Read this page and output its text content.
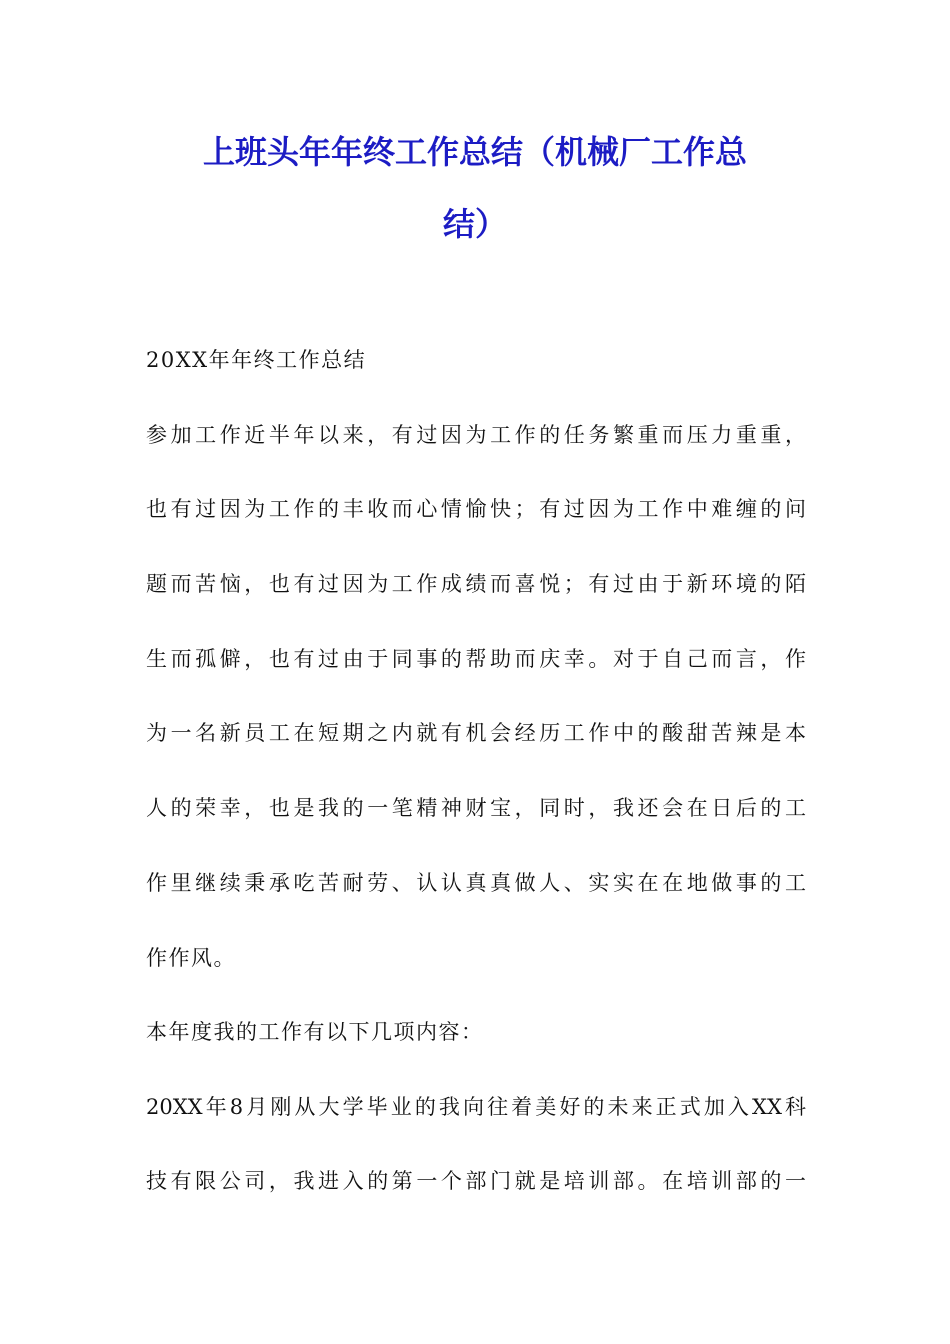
上班头年年终工作总结（机械厂工作总
结）
20XX年年终工作总结
参加工作近半年以来，有过因为工作的任务繁重而压力重重，
也有过因为工作的丰收而心情愉快；有过因为工作中难缠的问
题而苦恼，也有过因为工作成绩而喜悦；有过由于新环境的陌
生而孤僻，也有过由于同事的帮助而庆幸。对于自己而言，作
为一名新员工在短期之内就有机会经历工作中的酸甜苦辣是本
人的荣幸，也是我的一笔精神财宝，同时，我还会在日后的工
作里继续秉承吃苦耐劳、认认真真做人、实实在在地做事的工
作作风。
本年度我的工作有以下几项内容：
20XX年8月刚从大学毕业的我向往着美好的未来正式加入XX科
技有限公司，我进入的第一个部门就是培训部。在培训部的一
